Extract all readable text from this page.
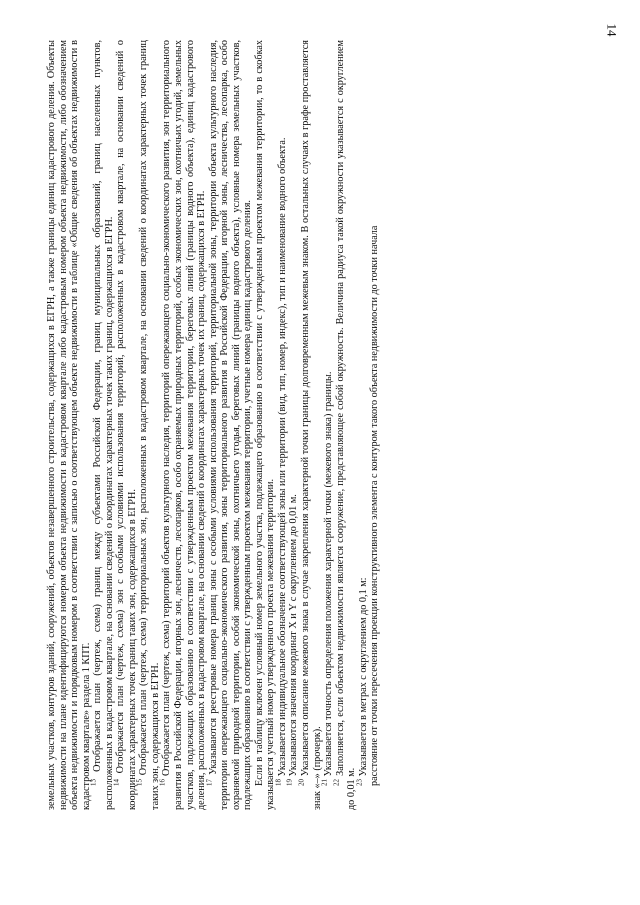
14

земельных участков, контуров зданий, сооружений, объектов незавершенного строительства, содержащихся в ЕГРН, а также границы единиц кадастрового деления. Объекты недвижимости на плане идентифицируются номером объекта недвижимости в кадастровом квартале либо кадастровым номером объекта недвижимости, либо обозначением объекта недвижимости и порядковым номером в соответствии с записью о соответствующем объекте недвижимости в таблице «Общие сведения об объектах недвижимости в кадастровом квартале» раздела 1 КПТ.

$^{13}$ Отображается план (чертеж, схема) границ между субъектами Российской Федерации, границ муниципальных образований, границ населенных пунктов, расположенных в кадастровом квартале, на основании сведений о координатах характерных точек таких границ, содержащихся в ЕГРН.

$^{14}$ Отображается план (чертеж, схема) зон с особыми условиями использования территорий, расположенных в кадастровом квартале, на основании сведений о координатах характерных точек границ таких зон, содержащихся в ЕГРН.

$^{15}$ Отображается план (чертеж, схема) территориальных зон, расположенных в кадастровом квартале, на основании сведений о координатах характерных точек границ таких зон, содержащихся в ЕГРН.

$^{16}$ Отображается план (чертеж, схема) территорий объектов культурного наследия, территорий опережающего социально-экономического развития, зон территориального развития в Российской Федерации, игорных зон, лесничеств, лесопарков, особо охраняемых природных территорий, особых экономических зон, охотничьих угодий, земельных участков, подлежащих образованию в соответствии с утвержденным проектом межевания территории, береговых линий (границы водного объекта), единиц кадастрового деления, расположенных в кадастровом квартале, на основании сведений о координатах характерных точек их границ, содержащихся в ЕГРН.

$^{17}$ Указываются реестровые номера границ зоны с особыми условиями использования территорий, территориальной зоны, территории объекта культурного наследия, территории опережающего социально-экономического развития, зоны территориального развития в Российской Федерации, игорной зоны, лесничества, лесопарка, особо охраняемой природной территории, особой экономической зоны, охотничьего угодья, береговых линий (границы водного объекта), условные номера земельных участков, подлежащих образованию в соответствии с утвержденным проектом межевания территории, учетные номера единиц кадастрового деления. Если в таблицу включен условный номер земельного участка, подлежащего образованию в соответствии с утвержденным проектом межевания территории, то в скобках указывается учетный номер утвержденного проекта межевания территории.

$^{18}$ Указывается индивидуальное обозначение соответствующей зоны или территории (вид, тип, номер, индекс), тип и наименование водного объекта.

$^{19}$ Указываются значения координат X и Y с округлением до 0,01 м.

$^{20}$ Указывается описание межевого знака в случае закрепления характерной точки границы долговременным межевым знаком. В остальных случаях в графе проставляется знак «–» (прочерк).

$^{21}$ Указывается точность определения положения характерной точки (межевого знака) границы.

$^{22}$ Заполняется, если объектом недвижимости является сооружение, представляющее собой окружность. Величина радиуса такой окружности указывается с округлением до 0,01 м.

$^{23}$ Указывается в метрах с округлением до 0,1 м: расстояние от точки пересечения проекции конструктивного элемента с контуром такого объекта недвижимости до точки начала
